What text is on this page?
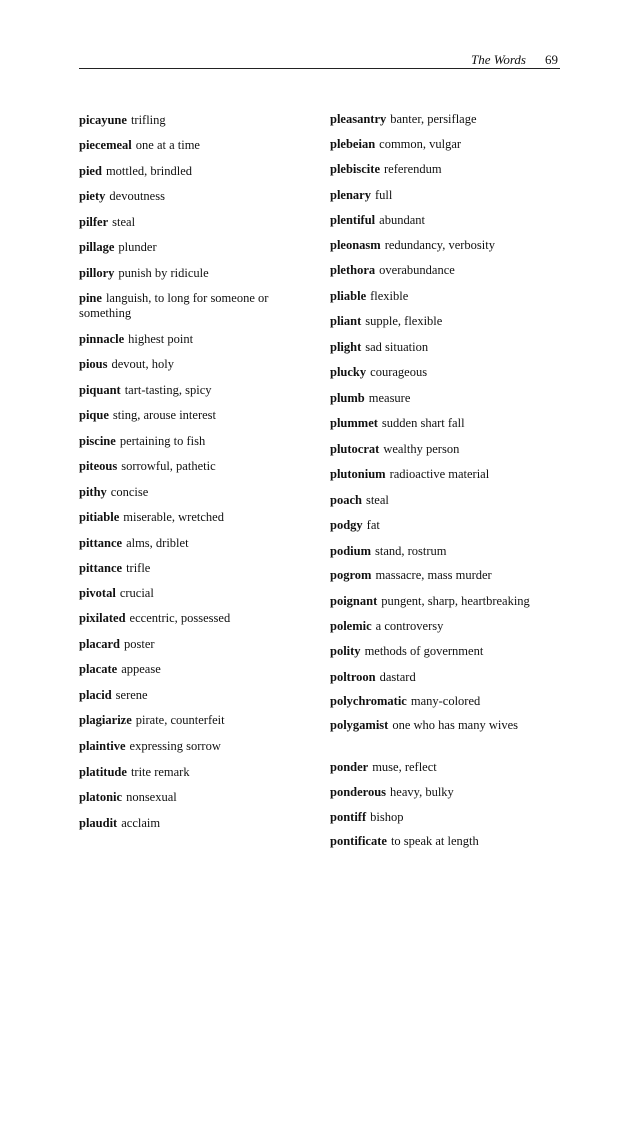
The Words 69
picayune trifling
piecemeal one at a time
pied mottled, brindled
piety devoutness
pilfer steal
pillage plunder
pillory punish by ridicule
pine languish, to long for someone or something
pinnacle highest point
pious devout, holy
piquant tart-tasting, spicy
pique sting, arouse interest
piscine pertaining to fish
piteous sorrowful, pathetic
pithy concise
pitiable miserable, wretched
pittance alms, driblet
pittance trifle
pivotal crucial
pixilated eccentric, possessed
placard poster
placate appease
placid serene
plagiarize pirate, counterfeit
plaintive expressing sorrow
platitude trite remark
platonic nonsexual
plaudit acclaim
pleasantry banter, persiflage
plebeian common, vulgar
plebiscite referendum
plenary full
plentiful abundant
pleonasm redundancy, verbosity
plethora overabundance
pliable flexible
pliant supple, flexible
plight sad situation
plucky courageous
plumb measure
plummet sudden shart fall
plutocrat wealthy person
plutonium radioactive material
poach steal
podgy fat
podium stand, rostrum
pogrom massacre, mass murder
poignant pungent, sharp, heartbreaking
polemic a controversy
polity methods of government
poltroon dastard
polychromatic many-colored
polygamist one who has many wives
ponder muse, reflect
ponderous heavy, bulky
pontiff bishop
pontificate to speak at length
